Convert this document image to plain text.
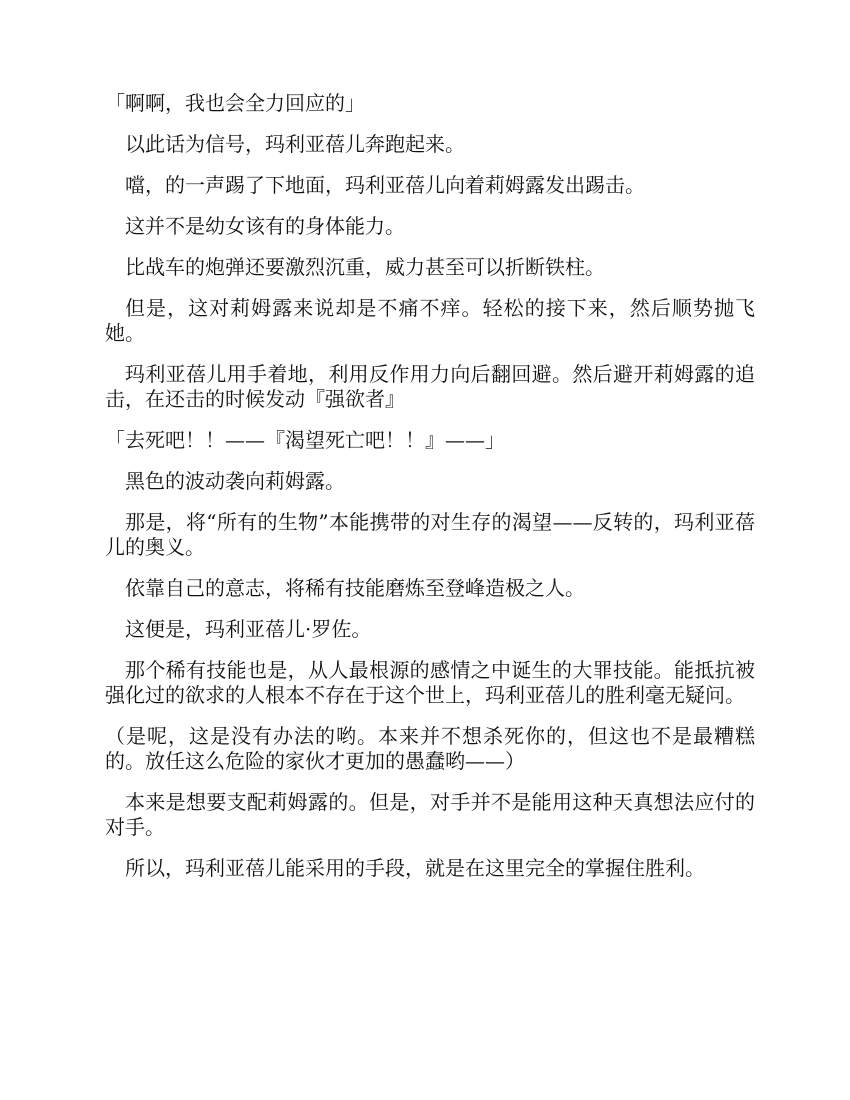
「啊啊，我也会全力回应的」

以此话为信号，玛利亚蓓儿奔跑起来。

噹，的一声踢了下地面，玛利亚蓓儿向着莉姆露发出踢击。

这并不是幼女该有的身体能力。

比战车的炮弹还要激烈沉重，威力甚至可以折断铁柱。

但是，这对莉姆露来说却是不痛不痒。轻松的接下来，然后顺势抛飞她。

玛利亚蓓儿用手着地，利用反作用力向后翻回避。然后避开莉姆露的追击，在还击的时候发动『强欲者』

「去死吧！！——『渴望死亡吧！！』——」

黑色的波动袭向莉姆露。

那是，将“所有的生物”本能携带的对生存的渴望——反转的，玛利亚蓓儿的奥义。

依靠自己的意志，将稀有技能磨炼至登峰造极之人。

这便是，玛利亚蓓儿·罗佐。

那个稀有技能也是，从人最根源的感情之中诞生的大罪技能。能抵抗被强化过的欲求的人根本不存在于这个世上，玛利亚蓓儿的胜利毫无疑问。

（是呢，这是没有办法的哟。本来并不想杀死你的，但这也不是最糟糕的。放任这么危险的家伙才更加的愚蠢哟——）

本来是想要支配莉姆露的。但是，对手并不是能用这种天真想法应付的对手。

所以，玛利亚蓓儿能采用的手段，就是在这里完全的掌握住胜利。
